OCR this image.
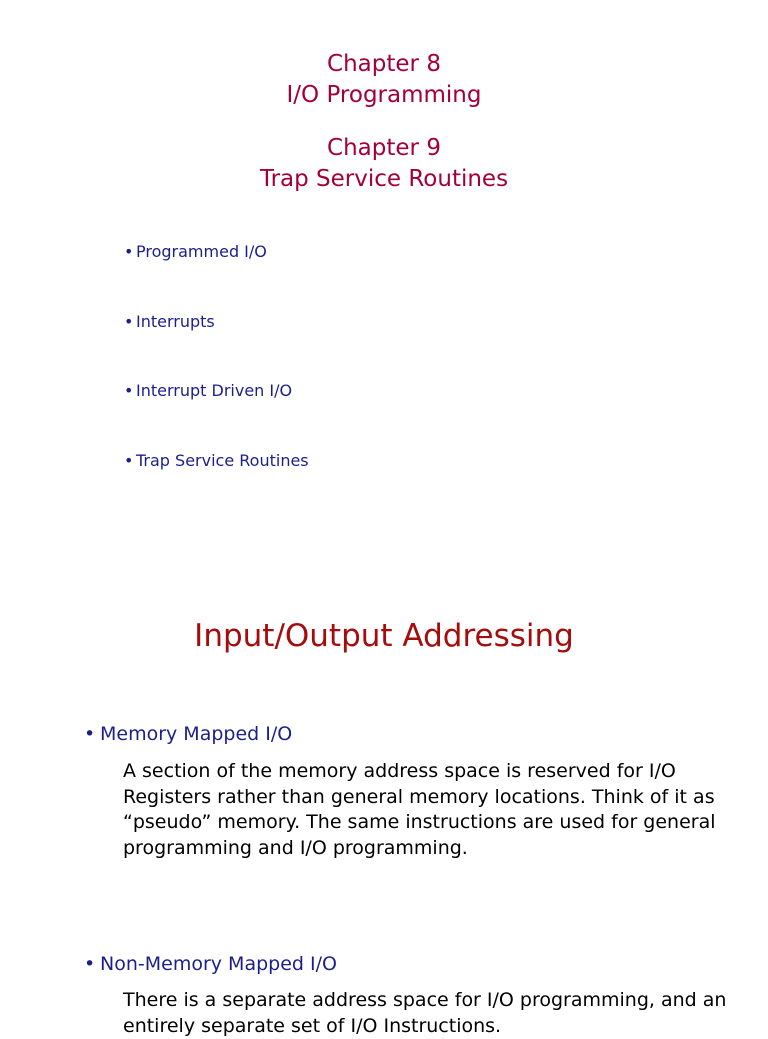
Chapter 8
I/O Programming
Chapter 9
Trap Service Routines
• Programmed I/O
• Interrupts
• Interrupt Driven I/O
• Trap Service Routines
Input/Output Addressing
• Memory Mapped I/O

A section of the memory address space is reserved for I/O Registers rather than general memory locations. Think of it as “pseudo” memory. The same instructions are used for general programming and I/O programming.

• Non-Memory Mapped I/O

There is a separate address space for I/O programming, and an entirely separate set of I/O Instructions.
